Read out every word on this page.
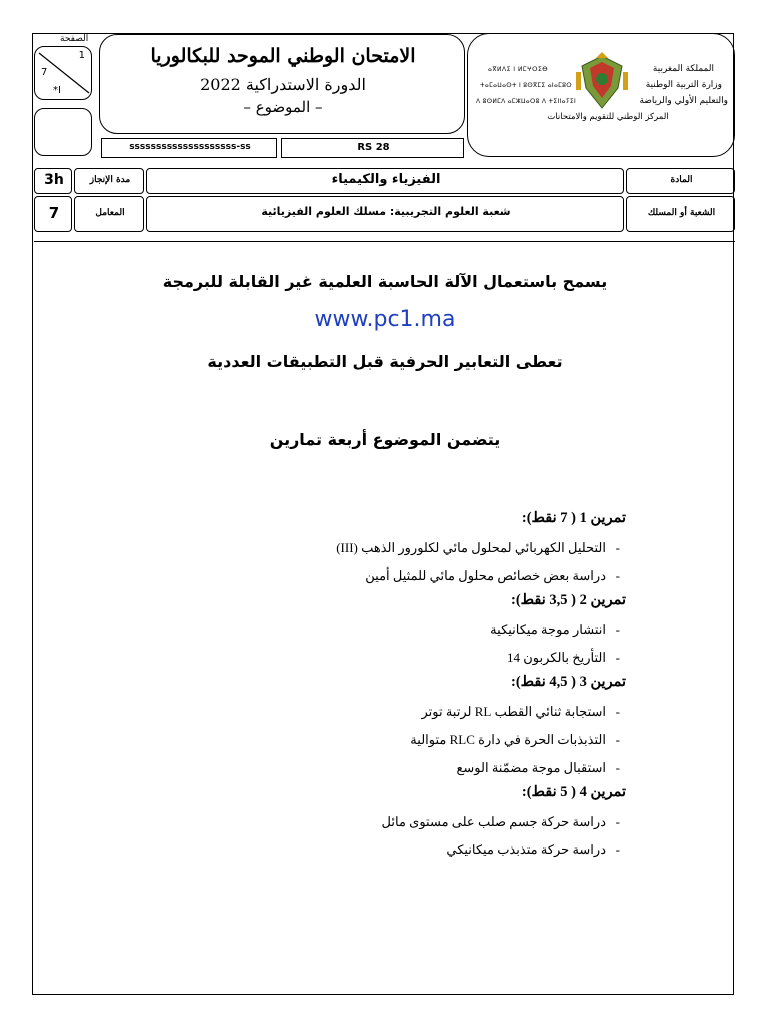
الصفحة
1
7
*I
الامتحان الوطني الموحد للبكالوريا
الدورة الاستدراكية 2022
– الموضوع –
ssssssssssssssssssss-ss	RS 28
ⴰⴳⵍⴷⵉ ⵏ ⵍⵎⵖⵔⵉⴱ
ⵜⴰⵎⴰⵡⴰⵙⵜ ⵏ ⵓⵙⴳⵎⵉ ⴰⵏⴰⵎⵓⵔ
ⴷ ⵓⵙⵍⵎⴷ ⴰⵎⵣⵡⴰⵔⵓ ⴷ ⵜⵉⵏⵏⴰⵢⵉⵏ
المملكة المغربية
وزارة التربية الوطنية
والتعليم الأولي والرياضة
المركز الوطني للتقويم والامتحانات
3h	مدة الإنجاز	الفيزياء والكيمياء	المادة
7	المعامل	شعبة العلوم التجريبية: مسلك العلوم الفيزيائية	الشعبة أو المسلك
يسمح باستعمال الآلة الحاسبة العلمية غير القابلة للبرمجة
www.pc1.ma
تعطى التعابير الحرفية قبل التطبيقات العددية
يتضمن الموضوع أربعة تمارين
تمرين 1 ( 7 نقط):
-
التحليل الكهربائي لمحلول مائي لكلورور الذهب (III)
-
دراسة بعض خصائص محلول مائي للمثيل أمين
تمرين 2 ( 3,5 نقط):
-
انتشار موجة ميكانيكية
-
التأريخ بالكربون 14
تمرين 3 ( 4,5 نقط):
-
استجابة ثنائي القطب RL لرتبة توتر
-
التذبذبات الحرة في دارة RLC متوالية
-
استقبال موجة مضمّنة الوسع
تمرين 4 ( 5 نقط):
-
دراسة حركة جسم صلب على مستوى مائل
-
دراسة حركة متذبذب ميكانيكي
